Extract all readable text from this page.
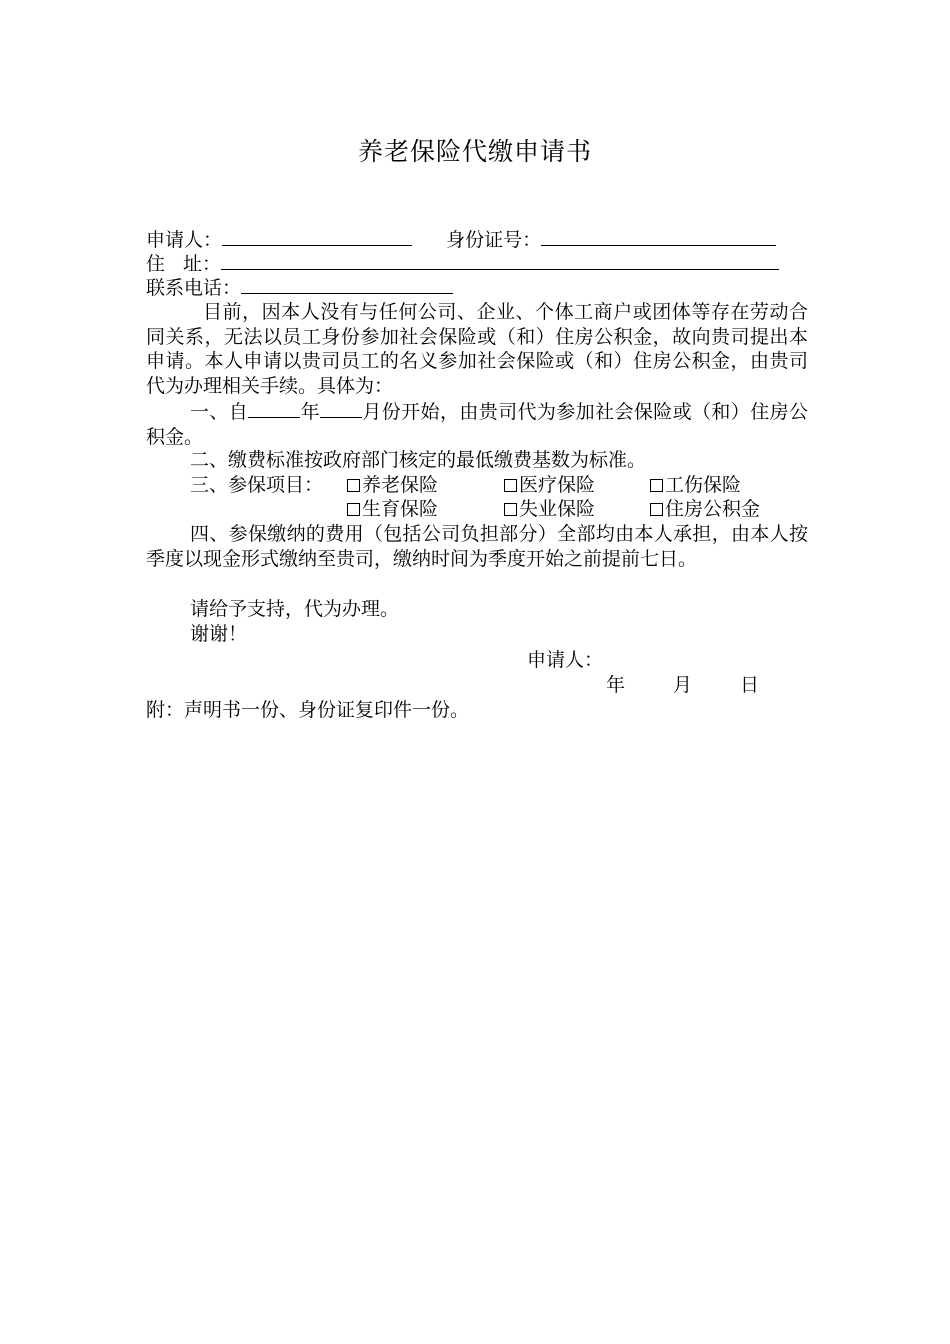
养老保险代缴申请书
申请人：	身份证号：
住 址：
联系电话：
目前，因本人没有与任何公司、企业、个体工商户或团体等存在劳动合同关系，无法以员工身份参加社会保险或（和）住房公积金，故向贵司提出本申请。本人申请以贵司员工的名义参加社会保险或（和）住房公积金，由贵司代为办理相关手续。具体为：
一、自	年 月份开始，由贵司代为参加社会保险或（和）住房公积金。
二、缴费标准按政府部门核定的最低缴费基数为标准。
三、参保项目：	养老保险	医疗保险	工伤保险
生育保险	失业保险	住房公积金
四、参保缴纳的费用（包括公司负担部分）全部均由本人承担，由本人按季度以现金形式缴纳至贵司，缴纳时间为季度开始之前提前七日。
请给予支持，代为办理。
谢谢！
申请人：
年	月	日
附：声明书一份、身份证复印件一份。
